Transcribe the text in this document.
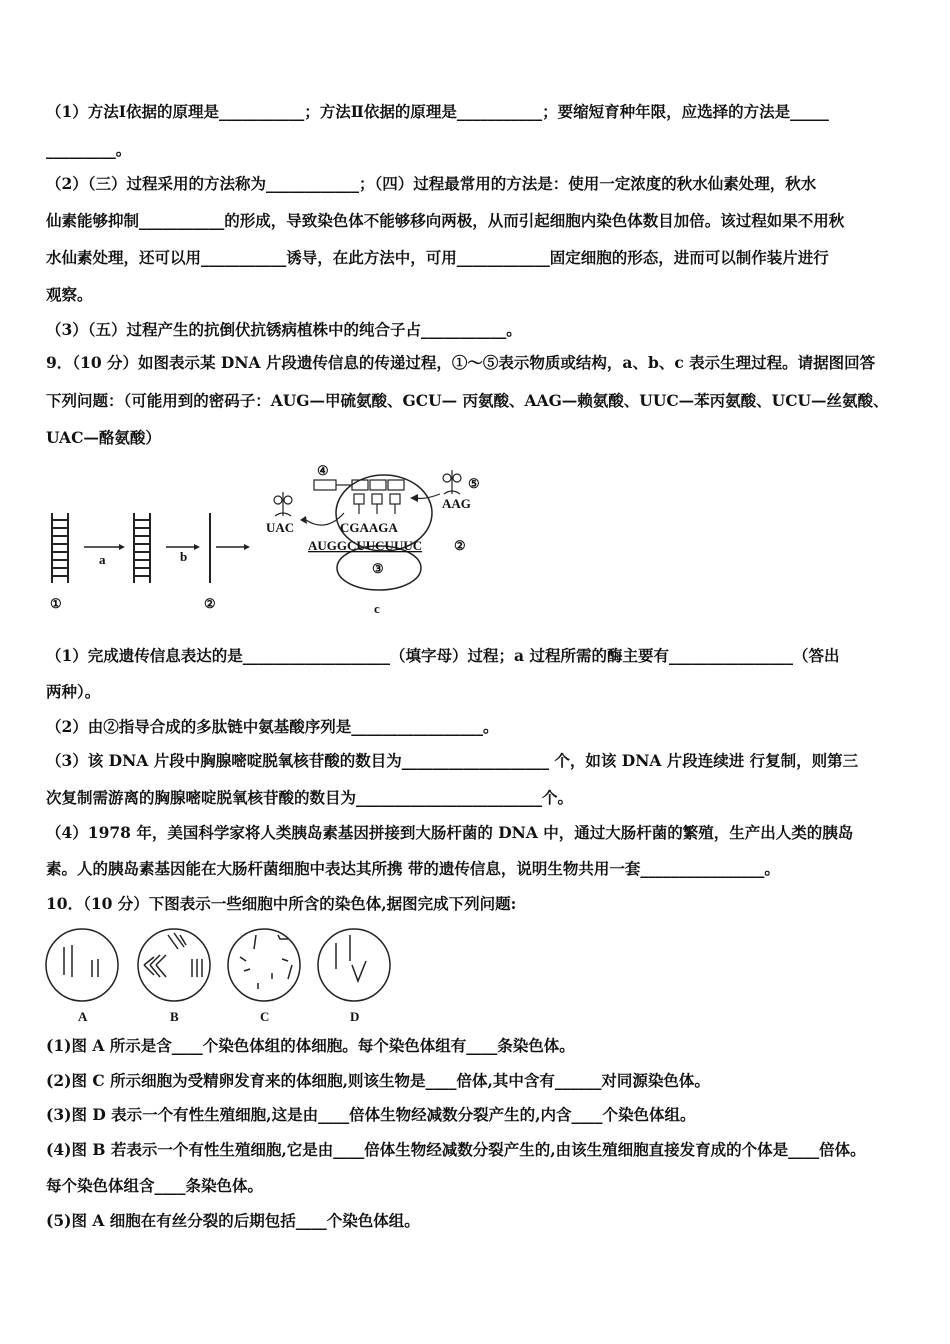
（1）方法Ⅰ依据的原理是___________；方法Ⅱ依据的原理是___________；要缩短育种年限，应选择的方法是_____
_________。
（2）（三）过程采用的方法称为____________；（四）过程最常用的方法是：使用一定浓度的秋水仙素处理，秋水
仙素能够抑制___________的形成，导致染色体不能够移向两极，从而引起细胞内染色体数目加倍。该过程如果不用秋
水仙素处理，还可以用___________诱导，在此方法中，可用____________固定细胞的形态，进而可以制作装片进行
观察。
（3）（五）过程产生的抗倒伏抗锈病植株中的纯合子占___________。
9．（10 分）如图表示某 DNA 片段遗传信息的传递过程，①～⑤表示物质或结构，a、b、c 表示生理过程。请据图回答
下列问题：（可能用到的密码子：AUG—甲硫氨酸、GCU— 丙氨酸、AAG—赖氨酸、UUC—苯丙氨酸、UCU—丝氨酸、
UAC—酪氨酸）
a	b
①	②
③
c
④
UAC	CGAAGA
AUGGCUUCUUUC ②
⑤
AAG
（1）完成遗传信息表达的是___________________（填字母）过程；a 过程所需的酶主要有________________（答出
两种）。
（2）由②指导合成的多肽链中氨基酸序列是_________________。
（3）该 DNA 片段中胸腺嘧啶脱氧核苷酸的数目为___________________ 个，如该 DNA 片段连续进 行复制，则第三
次复制需游离的胸腺嘧啶脱氧核苷酸的数目为________________________个。
（4）1978 年，美国科学家将人类胰岛素基因拼接到大肠杆菌的 DNA 中，通过大肠杆菌的繁殖，生产出人类的胰岛
素。人的胰岛素基因能在大肠杆菌细胞中表达其所携 带的遗传信息，说明生物共用一套________________。
10．（10 分）下图表示一些细胞中所含的染色体,据图完成下列问题:
A	B	C	D
(1)图 A 所示是含____个染色体组的体细胞。每个染色体组有____条染色体。
(2)图 C 所示细胞为受精卵发育来的体细胞,则该生物是____倍体,其中含有______对同源染色体。
(3)图 D 表示一个有性生殖细胞,这是由____倍体生物经减数分裂产生的,内含____个染色体组。
(4)图 B 若表示一个有性生殖细胞,它是由____倍体生物经减数分裂产生的,由该生殖细胞直接发育成的个体是____倍体。
每个染色体组含____条染色体。
(5)图 A 细胞在有丝分裂的后期包括____个染色体组。
